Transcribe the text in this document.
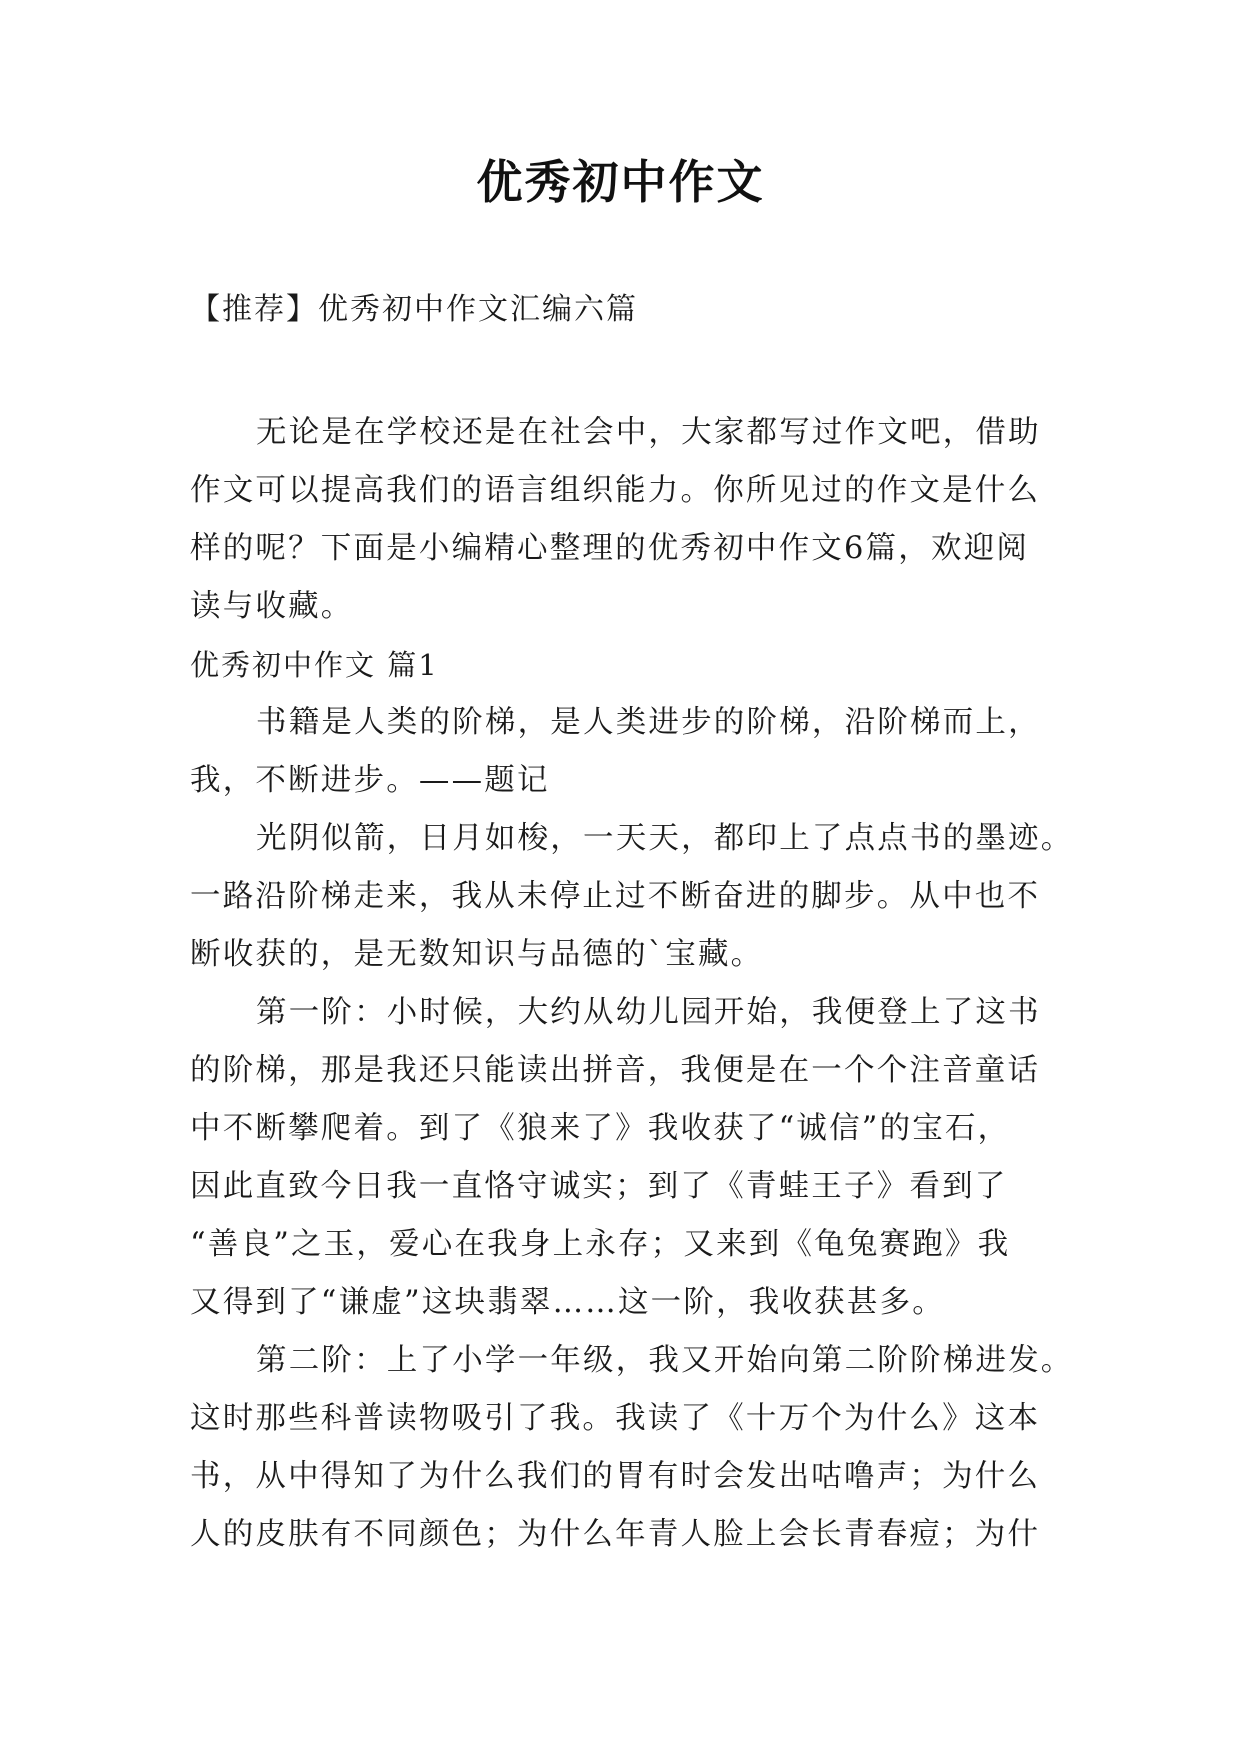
优秀初中作文
【推荐】优秀初中作文汇编六篇
无论是在学校还是在社会中，大家都写过作文吧，借助
作文可以提高我们的语言组织能力。你所见过的作文是什么
样的呢？下面是小编精心整理的优秀初中作文6篇，欢迎阅
读与收藏。
优秀初中作文 篇1
书籍是人类的阶梯，是人类进步的阶梯，沿阶梯而上，
我，不断进步。——题记
光阴似箭，日月如梭，一天天，都印上了点点书的墨迹。
一路沿阶梯走来，我从未停止过不断奋进的脚步。从中也不
断收获的，是无数知识与品德的`宝藏。
第一阶：小时候，大约从幼儿园开始，我便登上了这书
的阶梯，那是我还只能读出拼音，我便是在一个个注音童话
中不断攀爬着。到了《狼来了》我收获了“诚信”的宝石，
因此直致今日我一直恪守诚实；到了《青蛙王子》看到了
“善良”之玉，爱心在我身上永存；又来到《龟兔赛跑》我
又得到了“谦虚”这块翡翠……这一阶，我收获甚多。
第二阶：上了小学一年级，我又开始向第二阶阶梯进发。
这时那些科普读物吸引了我。我读了《十万个为什么》这本
书，从中得知了为什么我们的胃有时会发出咕噜声；为什么
人的皮肤有不同颜色；为什么年青人脸上会长青春痘；为什
